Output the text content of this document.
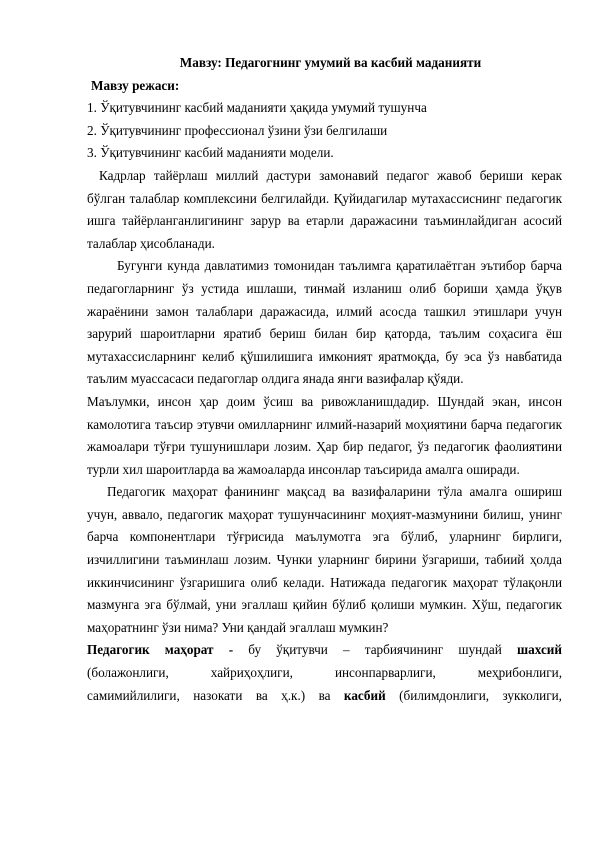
Мавзу: Педагогнинг умумий ва касбий маданияти

Мавзу режаси:

1. Ўқитувчининг касбий маданияти ҳақида умумий тушунча

2. Ўқитувчининг профессионал ўзини ўзи белгилаши

3. Ўқитувчининг касбий маданияти модели.

Кадрлар тайёрлаш миллий дастури замонавий педагог жавоб бериши керак бўлган талаблар комплексини белгилайди. Қуйидагилар мутахассиснинг педагогик ишга тайёрланганлигининг зарур ва етарли даражасини таъминлайдиган асосий талаблар ҳисобланади.

Бугунги кунда давлатимиз томонидан таълимга қаратилаётган эътибор барча педагогларнинг ўз устида ишлаши, тинмай изланиш олиб бориши ҳамда ўқув жараёнини замон талаблари даражасида, илмий асосда ташкил этишлари учун зарурий шароитларни яратиб бериш билан бир қаторда, таълим соҳасига ёш мутахассисларнинг келиб қўшилишига имконият яратмоқда, бу эса ўз навбатида таълим муассасаси педагоглар олдига янада янги вазифалар қўяди.

Маълумки, инсон ҳар доим ўсиш ва ривожланишдадир. Шундай экан, инсон камолотига таъсир этувчи омилларнинг илмий-назарий моҳиятини барча педагогик жамоалари тўғри тушунишлари лозим. Ҳар бир педагог, ўз педагогик фаолиятини турли хил шароитларда ва жамоаларда инсонлар таъсирида амалга оширади.

Педагогик маҳорат фанининг мақсад ва вазифаларини тўла амалга ошириш учун, аввало, педагогик маҳорат тушунчасининг моҳият-мазмунини билиш, унинг барча компонентлари тўғрисида маълумотга эга бўлиб, уларнинг бирлиги, изчиллигини таъминлаш лозим. Чунки уларнинг бирини ўзгариши, табиий ҳолда иккинчисининг ўзгаришига олиб келади. Натижада педагогик маҳорат тўлақонли мазмунга эга бўлмай, уни эгаллаш қийин бўлиб қолиши мумкин. Хўш, педагогик маҳоратнинг ўзи нима? Уни қандай эгаллаш мумкин?

Педагогик маҳорат - бу ўқитувчи – тарбиячининг шундай шахсий

(болажонлиги, хайриҳоҳлиги, инсонпарварлиги, меҳрибонлиги,

самимийлилиги, назокати ва ҳ.к.) ва касбий (билимдонлиги, зукколиги,
